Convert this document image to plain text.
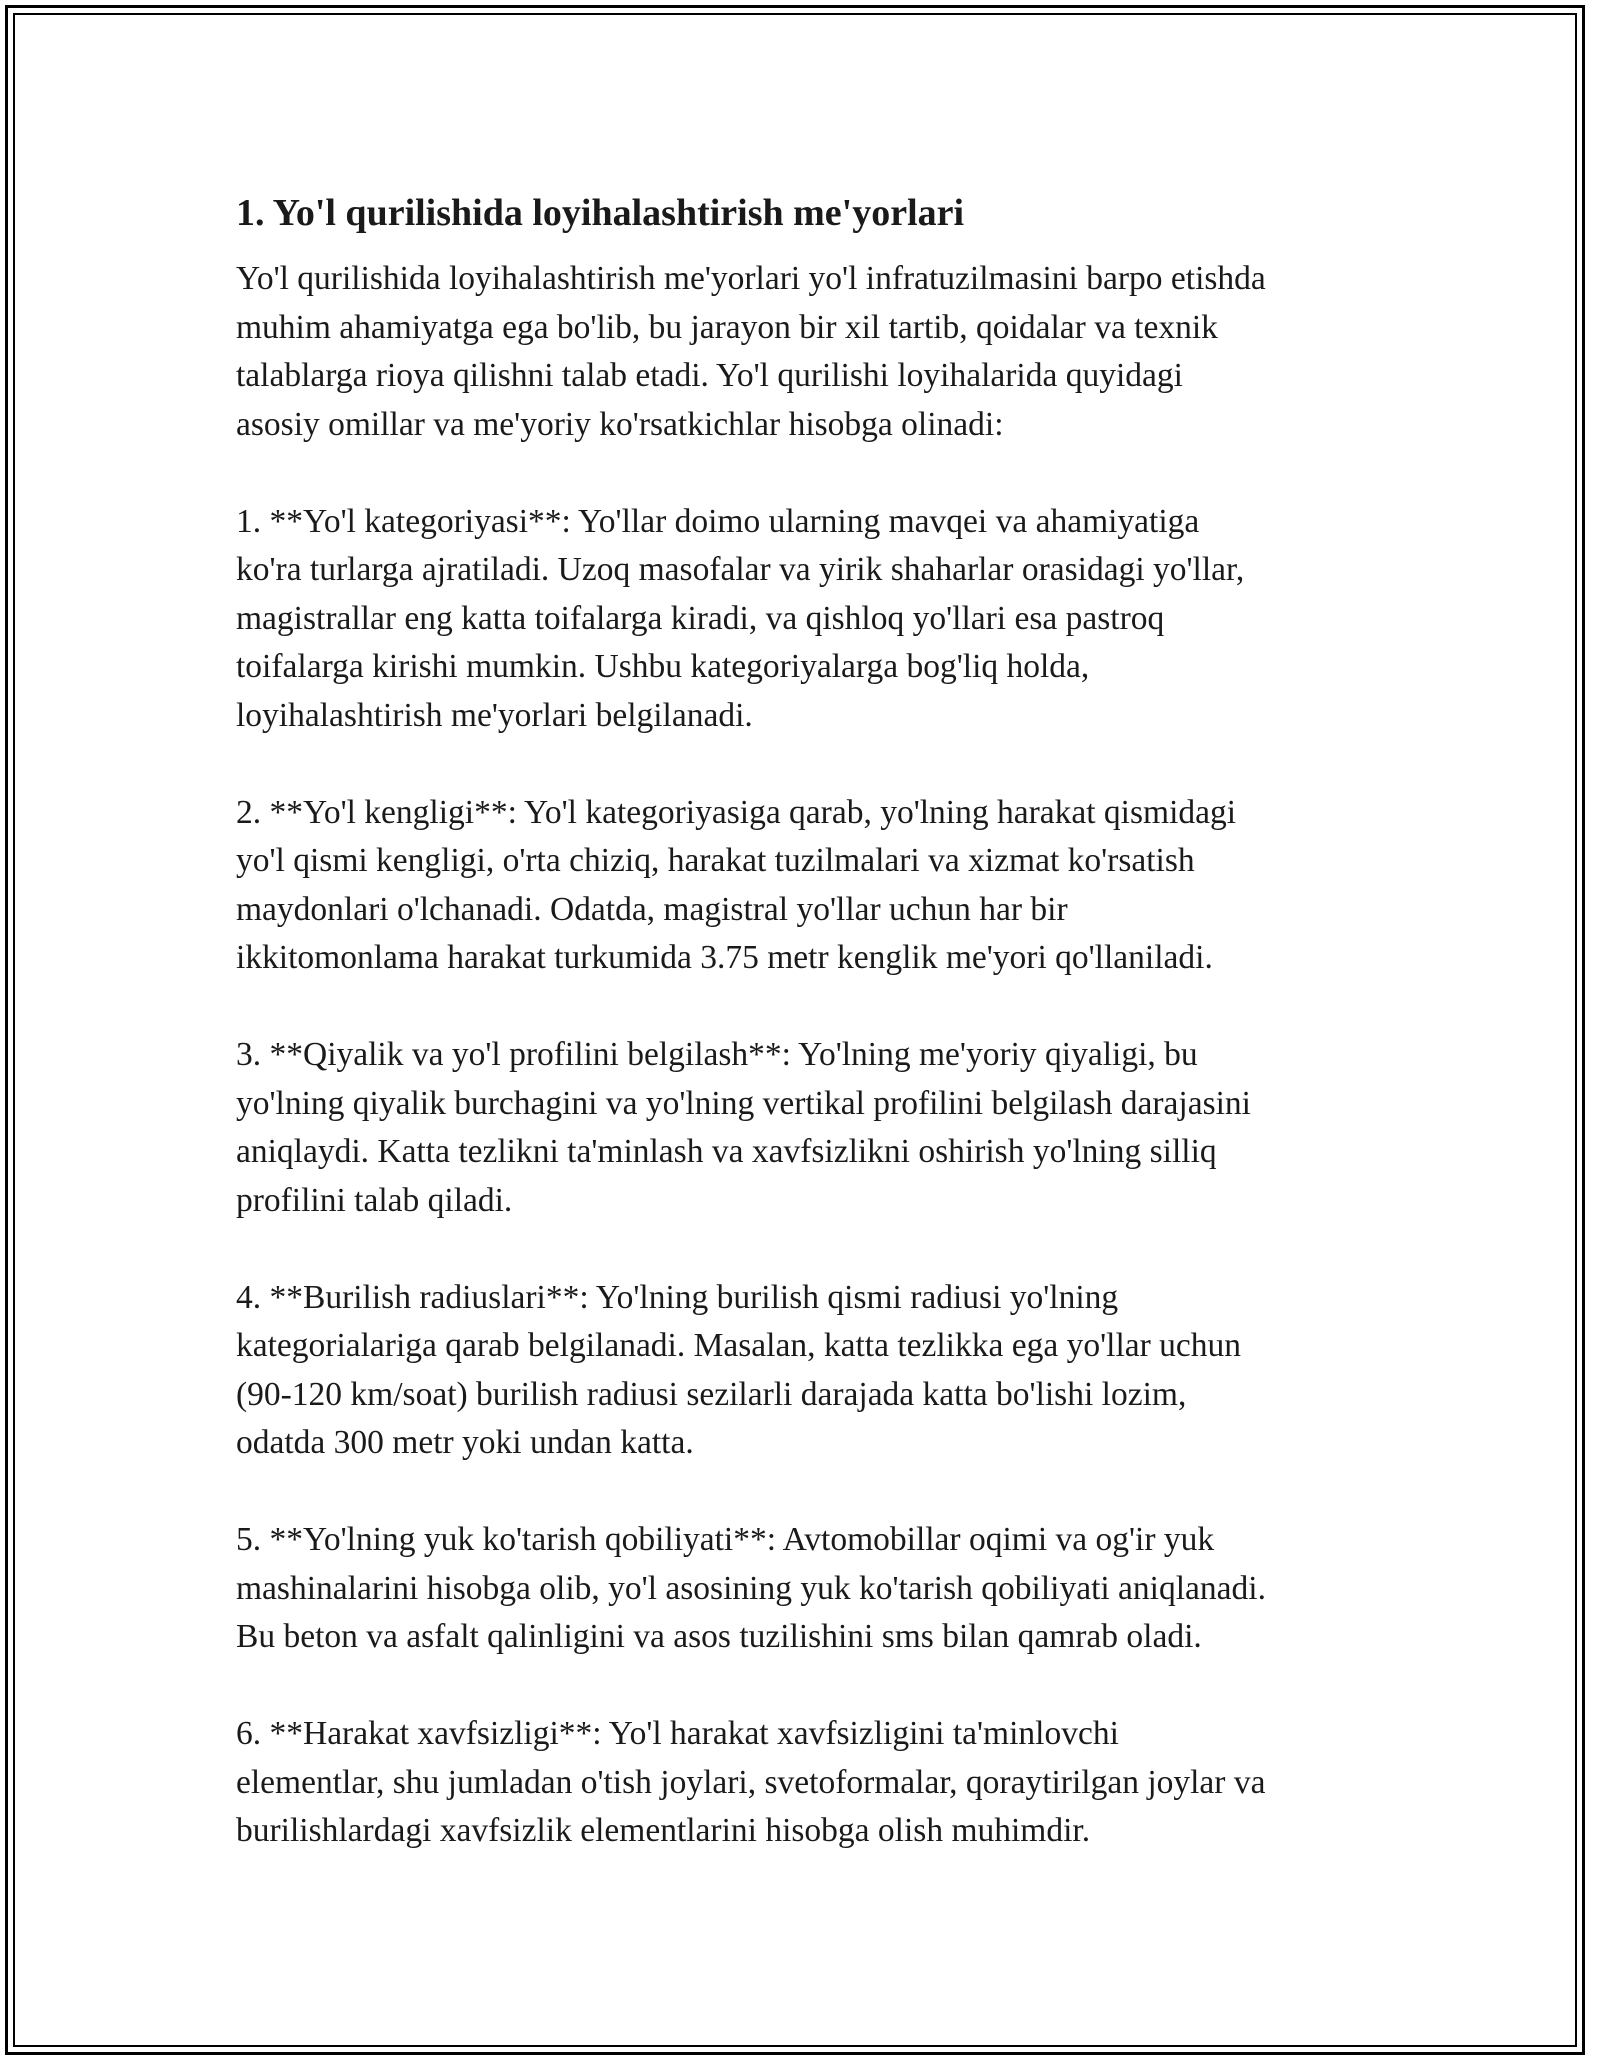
1. Yo'l qurilishida loyihalashtirish me'yorlari
Yo'l qurilishida loyihalashtirish me'yorlari yo'l infratuzilmasini barpo etishda
muhim ahamiyatga ega bo'lib, bu jarayon bir xil tartib, qoidalar va texnik
talablarga rioya qilishni talab etadi. Yo'l qurilishi loyihalarida quyidagi
asosiy omillar va me'yoriy ko'rsatkichlar hisobga olinadi:
1. **Yo'l kategoriyasi**: Yo'llar doimo ularning mavqei va ahamiyatiga
ko'ra turlarga ajratiladi. Uzoq masofalar va yirik shaharlar orasidagi yo'llar,
magistrallar eng katta toifalarga kiradi, va qishloq yo'llari esa pastroq
toifalarga kirishi mumkin. Ushbu kategoriyalarga bog'liq holda,
loyihalashtirish me'yorlari belgilanadi.
2. **Yo'l kengligi**: Yo'l kategoriyasiga qarab, yo'lning harakat qismidagi
yo'l qismi kengligi, o'rta chiziq, harakat tuzilmalari va xizmat ko'rsatish
maydonlari o'lchanadi. Odatda, magistral yo'llar uchun har bir
ikkitomonlama harakat turkumida 3.75 metr kenglik me'yori qo'llaniladi.
3. **Qiyalik va yo'l profilini belgilash**: Yo'lning me'yoriy qiyaligi, bu
yo'lning qiyalik burchagini va yo'lning vertikal profilini belgilash darajasini
aniqlaydi. Katta tezlikni ta'minlash va xavfsizlikni oshirish yo'lning silliq
profilini talab qiladi.
4. **Burilish radiuslari**: Yo'lning burilish qismi radiusi yo'lning
kategorialariga qarab belgilanadi. Masalan, katta tezlikka ega yo'llar uchun
(90-120 km/soat) burilish radiusi sezilarli darajada katta bo'lishi lozim,
odatda 300 metr yoki undan katta.
5. **Yo'lning yuk ko'tarish qobiliyati**: Avtomobillar oqimi va og'ir yuk
mashinalarini hisobga olib, yo'l asosining yuk ko'tarish qobiliyati aniqlanadi.
Bu beton va asfalt qalinligini va asos tuzilishini sms bilan qamrab oladi.
6. **Harakat xavfsizligi**: Yo'l harakat xavfsizligini ta'minlovchi
elementlar, shu jumladan o'tish joylari, svetoformalar, qoraytirilgan joylar va
burilishlardagi xavfsizlik elementlarini hisobga olish muhimdir.
